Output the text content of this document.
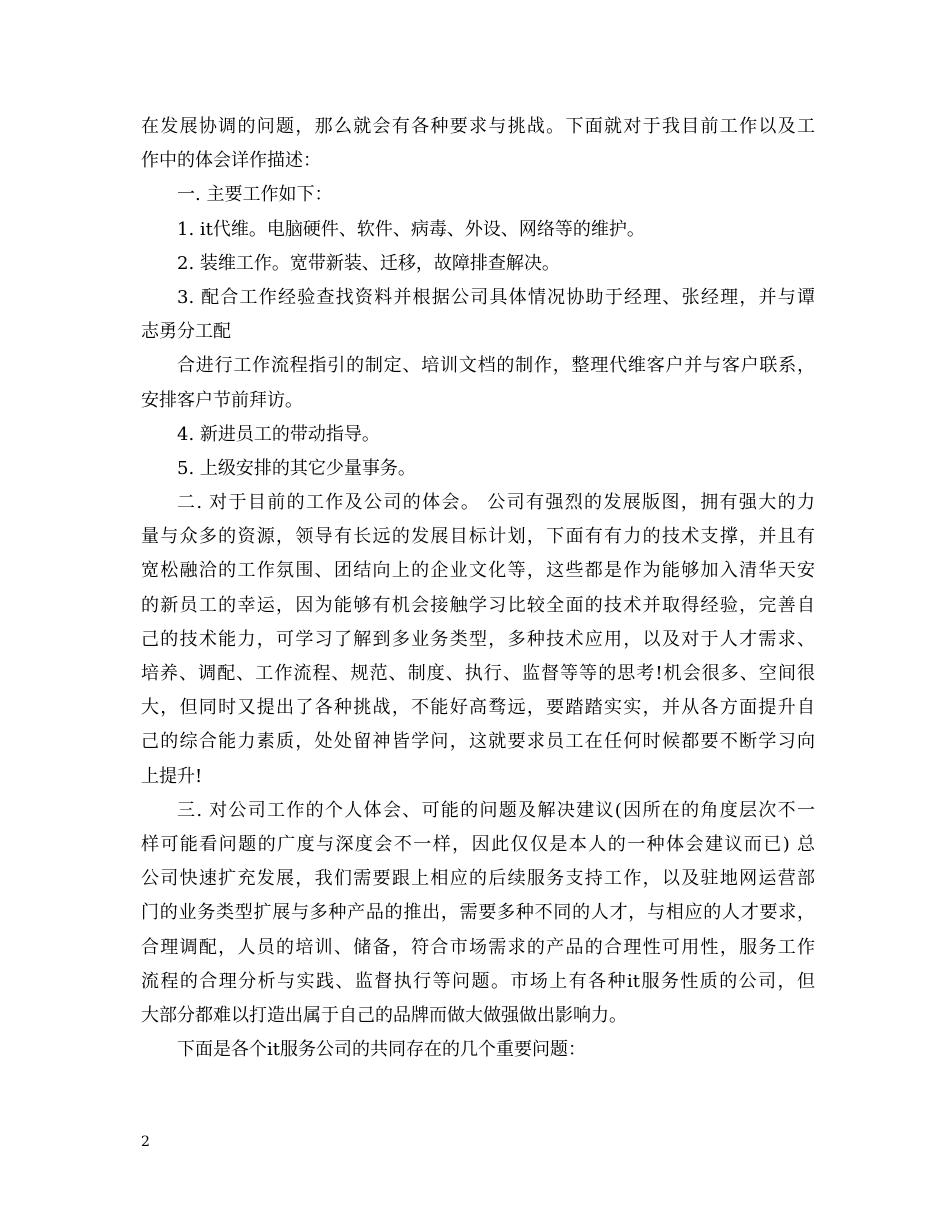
在发展协调的问题，那么就会有各种要求与挑战。下面就对于我目前工作以及工
作中的体会详作描述：
一. 主要工作如下：
1. it代维。电脑硬件、软件、病毒、外设、网络等的维护。
2. 装维工作。宽带新装、迁移，故障排查解决。
3. 配合工作经验查找资料并根据公司具体情况协助于经理、张经理，并与谭
志勇分工配
合进行工作流程指引的制定、培训文档的制作，整理代维客户并与客户联系，
安排客户节前拜访。
4. 新进员工的带动指导。
5. 上级安排的其它少量事务。
二. 对于目前的工作及公司的体会。 公司有强烈的发展版图，拥有强大的力
量与众多的资源，领导有长远的发展目标计划，下面有有力的技术支撑，并且有
宽松融洽的工作氛围、团结向上的企业文化等，这些都是作为能够加入清华天安
的新员工的幸运，因为能够有机会接触学习比较全面的技术并取得经验，完善自
己的技术能力，可学习了解到多业务类型，多种技术应用，以及对于人才需求、
培养、调配、工作流程、规范、制度、执行、监督等等的思考!机会很多、空间很
大，但同时又提出了各种挑战，不能好高骛远，要踏踏实实，并从各方面提升自
己的综合能力素质，处处留神皆学问，这就要求员工在任何时候都要不断学习向
上提升!
三. 对公司工作的个人体会、可能的问题及解决建议(因所在的角度层次不一
样可能看问题的广度与深度会不一样，因此仅仅是本人的一种体会建议而已) 总
公司快速扩充发展，我们需要跟上相应的后续服务支持工作，以及驻地网运营部
门的业务类型扩展与多种产品的推出，需要多种不同的人才，与相应的人才要求，
合理调配，人员的培训、储备，符合市场需求的产品的合理性可用性，服务工作
流程的合理分析与实践、监督执行等问题。市场上有各种it服务性质的公司，但
大部分都难以打造出属于自己的品牌而做大做强做出影响力。
下面是各个it服务公司的共同存在的几个重要问题：
2
